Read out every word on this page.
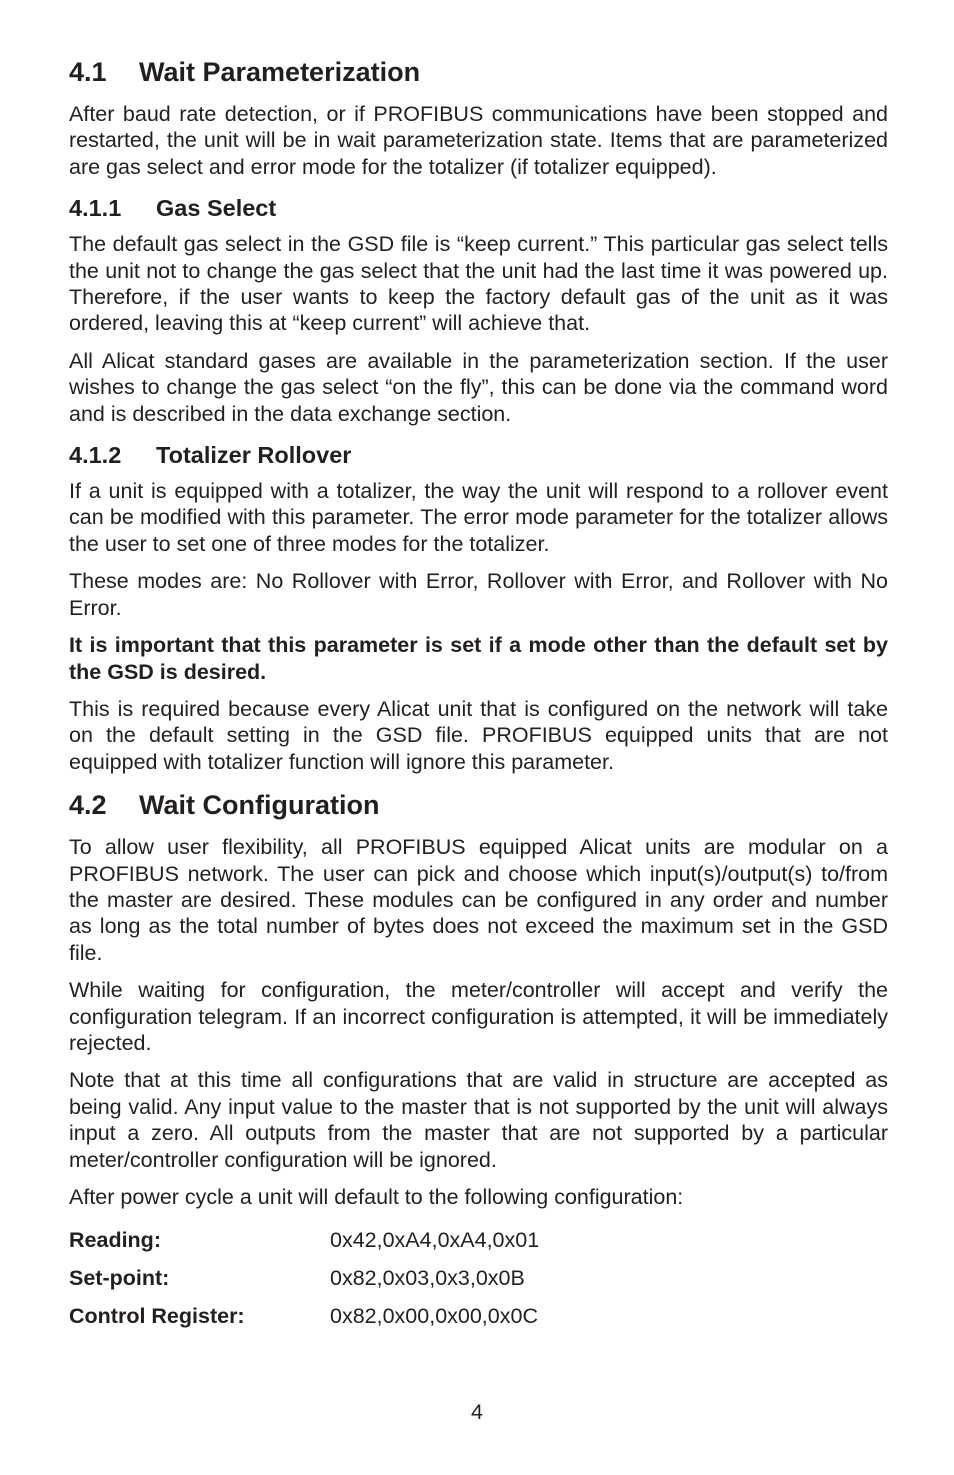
4.1 Wait Parameterization

After baud rate detection, or if PROFIBUS communications have been stopped and restarted, the unit will be in wait parameterization state. Items that are parameterized are gas select and error mode for the totalizer (if totalizer equipped).

4.1.1 Gas Select

The default gas select in the GSD file is “keep current.” This particular gas select tells the unit not to change the gas select that the unit had the last time it was powered up. Therefore, if the user wants to keep the factory default gas of the unit as it was ordered, leaving this at “keep current” will achieve that.

All Alicat standard gases are available in the parameterization section. If the user wishes to change the gas select “on the fly”, this can be done via the command word and is described in the data exchange section.

4.1.2 Totalizer Rollover

If a unit is equipped with a totalizer, the way the unit will respond to a rollover event can be modified with this parameter. The error mode parameter for the totalizer allows the user to set one of three modes for the totalizer.

These modes are: No Rollover with Error, Rollover with Error, and Rollover with No Error.

It is important that this parameter is set if a mode other than the default set by the GSD is desired.

This is required because every Alicat unit that is configured on the network will take on the default setting in the GSD file. PROFIBUS equipped units that are not equipped with totalizer function will ignore this parameter.

4.2 Wait Configuration

To allow user flexibility, all PROFIBUS equipped Alicat units are modular on a PROFIBUS network. The user can pick and choose which input(s)/output(s) to/from the master are desired. These modules can be configured in any order and number as long as the total number of bytes does not exceed the maximum set in the GSD file.

While waiting for configuration, the meter/controller will accept and verify the configuration telegram. If an incorrect configuration is attempted, it will be immediately rejected.

Note that at this time all configurations that are valid in structure are accepted as being valid. Any input value to the master that is not supported by the unit will always input a zero. All outputs from the master that are not supported by a particular meter/controller configuration will be ignored.

After power cycle a unit will default to the following configuration:

Reading:	0x42,0xA4,0xA4,0x01
Set-point:	0x82,0x03,0x3,0x0B
Control Register:	0x82,0x00,0x00,0x0C
4
